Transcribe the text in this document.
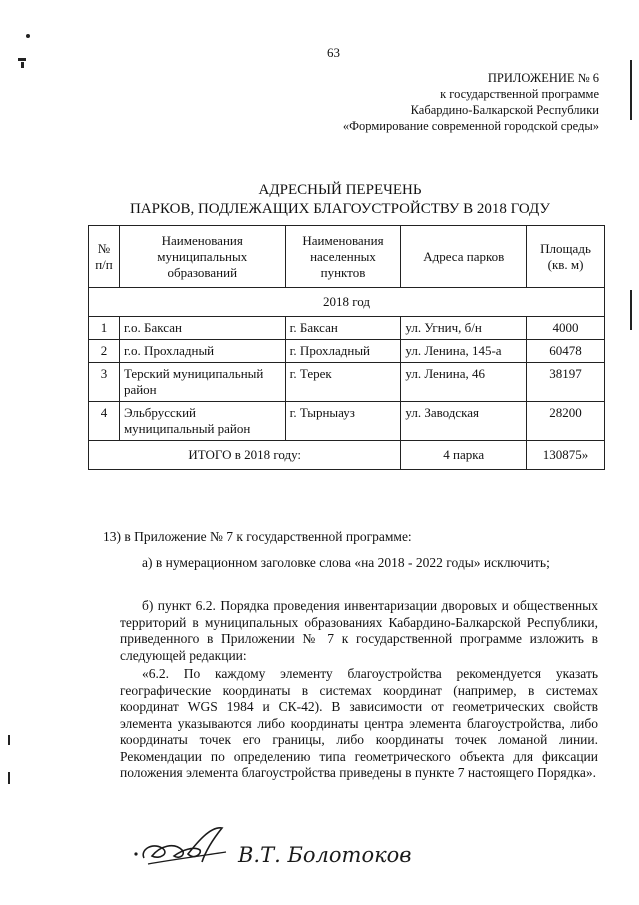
63
ПРИЛОЖЕНИЕ № 6
к государственной программе
Кабардино-Балкарской Республики
«Формирование современной городской среды»
АДРЕСНЫЙ ПЕРЕЧЕНЬ
ПАРКОВ, ПОДЛЕЖАЩИХ БЛАГОУСТРОЙСТВУ В 2018 ГОДУ
№ п/п	Наименования муниципальных образований	Наименования населенных пунктов	Адреса парков	Площадь (кв. м)
2018 год				
1	г.о. Баксан	г. Баксан	ул. Угнич, б/н	4000
2	г.о. Прохладный	г. Прохладный	ул. Ленина, 145-а	60478
3	Терский муниципальный район	г. Терек	ул. Ленина, 46	38197
4	Эльбрусский муниципальный район	г. Тырныауз	ул. Заводская	28200
ИТОГО в 2018 году:			4 парка	130875»
13) в Приложение № 7 к государственной программе:
а) в нумерационном заголовке слова «на 2018 - 2022 годы» исключить;
б) пункт 6.2. Порядка проведения инвентаризации дворовых и общественных территорий в муниципальных образованиях Кабардино-Балкарской Республики, приведенного в Приложении № 7 к государственной программе изложить в следующей редакции:
«6.2. По каждому элементу благоустройства рекомендуется указать географические координаты в системах координат (например, в системах координат WGS 1984 и СК-42). В зависимости от геометрических свойств элемента указываются либо координаты центра элемента благоустройства, либо координаты точек его границы, либо координаты точек ломаной линии. Рекомендации по определению типа геометрического объекта для фиксации положения элемента благоустройства приведены в пункте 7 настоящего Порядка».
В.Т. Болотоков
